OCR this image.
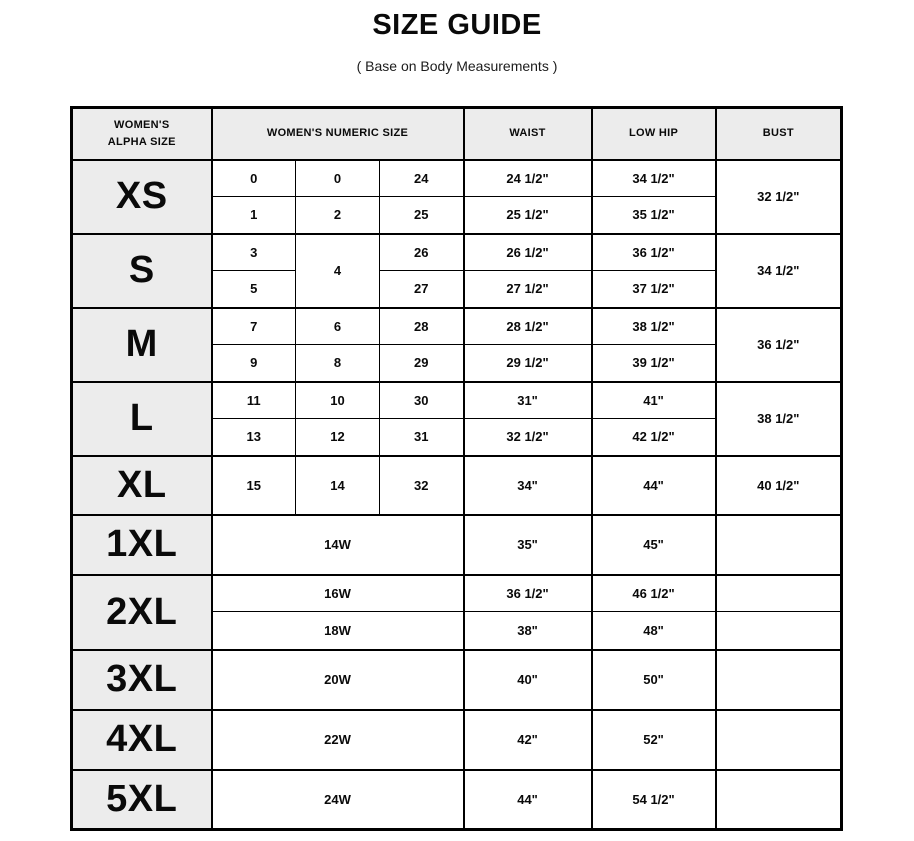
SIZE GUIDE
( Base on Body Measurements )
WOMEN'S ALPHA SIZE	WOMEN'S NUMERIC SIZE			WAIST	LOW HIP	BUST
XS	0	0	24	24 1/2"	34 1/2"	32 1/2"
	1	2	25	25 1/2"	35 1/2"	
S	3	4	26	26 1/2"	36 1/2"	34 1/2"
	5		27	27 1/2"	37 1/2"	
M	7	6	28	28 1/2"	38 1/2"	36 1/2"
	9	8	29	29 1/2"	39 1/2"	
L	11	10	30	31"	41"	38 1/2"
	13	12	31	32 1/2"	42 1/2"	
XL	15	14	32	34"	44"	40 1/2"
1XL	14W			35"	45"	
2XL	16W			36 1/2"	46 1/2"	
	18W			38"	48"	
3XL	20W			40"	50"	
4XL	22W			42"	52"	
5XL	24W			44"	54 1/2"	
